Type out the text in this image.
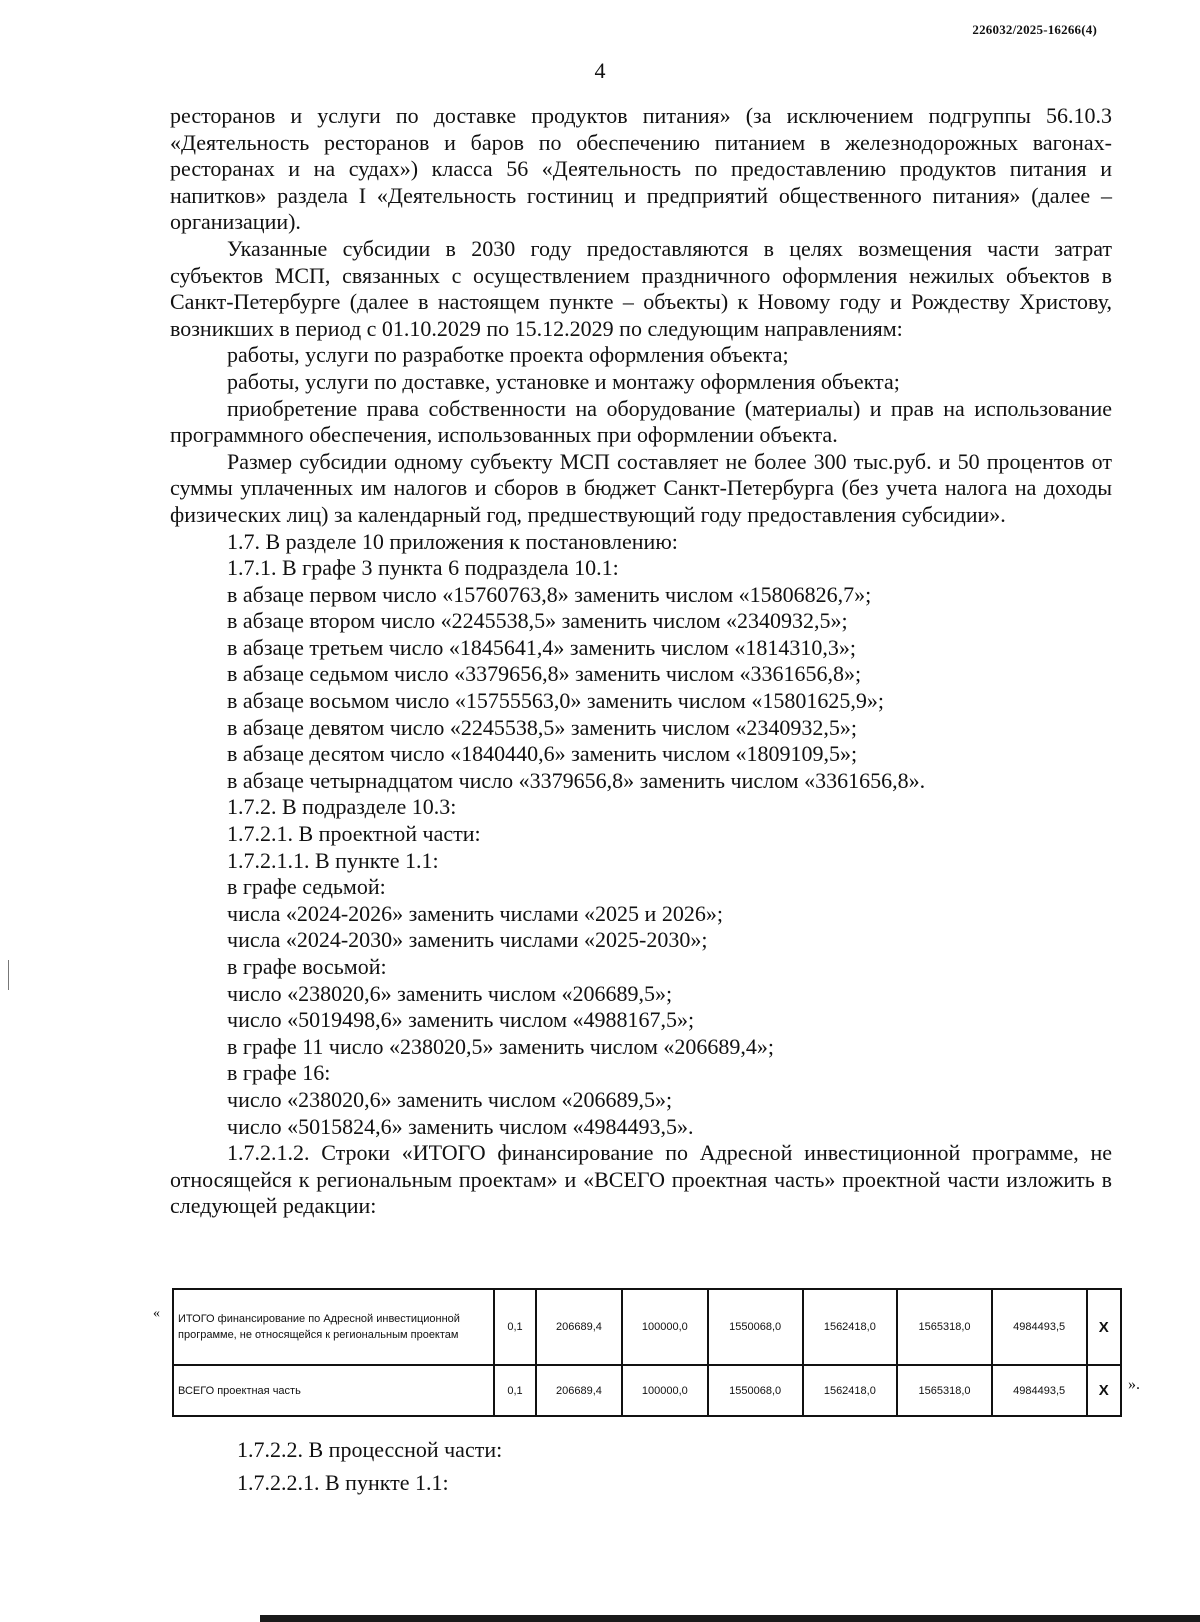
226032/2025-16266(4)
4

ресторанов и услуги по доставке продуктов питания» (за исключением подгруппы 56.10.3 «Деятельность ресторанов и баров по обеспечению питанием в железнодорожных вагонах-ресторанах и на судах») класса 56 «Деятельность по предоставлению продуктов питания и напитков» раздела I «Деятельность гостиниц и предприятий общественного питания» (далее – организации).

Указанные субсидии в 2030 году предоставляются в целях возмещения части затрат субъектов МСП, связанных с осуществлением праздничного оформления нежилых объектов в Санкт-Петербурге (далее в настоящем пункте – объекты) к Новому году и Рождеству Христову, возникших в период с 01.10.2029 по 15.12.2029 по следующим направлениям:

работы, услуги по разработке проекта оформления объекта;

работы, услуги по доставке, установке и монтажу оформления объекта;

приобретение права собственности на оборудование (материалы) и прав на использование программного обеспечения, использованных при оформлении объекта.

Размер субсидии одному субъекту МСП составляет не более 300 тыс.руб. и 50 процентов от суммы уплаченных им налогов и сборов в бюджет Санкт-Петербурга (без учета налога на доходы физических лиц) за календарный год, предшествующий году предоставления субсидии».

1.7. В разделе 10 приложения к постановлению:

1.7.1. В графе 3 пункта 6 подраздела 10.1:

в абзаце первом число «15760763,8» заменить числом «15806826,7»;

в абзаце втором число «2245538,5» заменить числом «2340932,5»;

в абзаце третьем число «1845641,4» заменить числом «1814310,3»;

в абзаце седьмом число «3379656,8» заменить числом «3361656,8»;

в абзаце восьмом число «15755563,0» заменить числом «15801625,9»;

в абзаце девятом число «2245538,5» заменить числом «2340932,5»;

в абзаце десятом число «1840440,6» заменить числом «1809109,5»;

в абзаце четырнадцатом число «3379656,8» заменить числом «3361656,8».

1.7.2. В подразделе 10.3:

1.7.2.1. В проектной части:

1.7.2.1.1. В пункте 1.1:

в графе седьмой:

числа «2024-2026» заменить числами «2025 и 2026»;

числа «2024-2030» заменить числами «2025-2030»;

в графе восьмой:

число «238020,6» заменить числом «206689,5»;

число «5019498,6» заменить числом «4988167,5»;

в графе 11 число «238020,5» заменить числом «206689,4»;

в графе 16:

число «238020,6» заменить числом «206689,5»;

число «5015824,6» заменить числом «4984493,5».

1.7.2.1.2. Строки «ИТОГО финансирование по Адресной инвестиционной программе, не относящейся к региональным проектам» и «ВСЕГО проектная часть» проектной части изложить в следующей редакции:

« ИТОГО финансирование по Адресной инвестиционной программе, не относящейся к региональным проектам	0,1	206689,4	100000,0	1550068,0	1562418,0	1565318,0	4984493,5	X
ВСЕГО проектная часть	0,1	206689,4	100000,0	1550068,0	1562418,0	1565318,0	4984493,5	X ».

1.7.2.2. В процессной части:

1.7.2.2.1. В пункте 1.1:
